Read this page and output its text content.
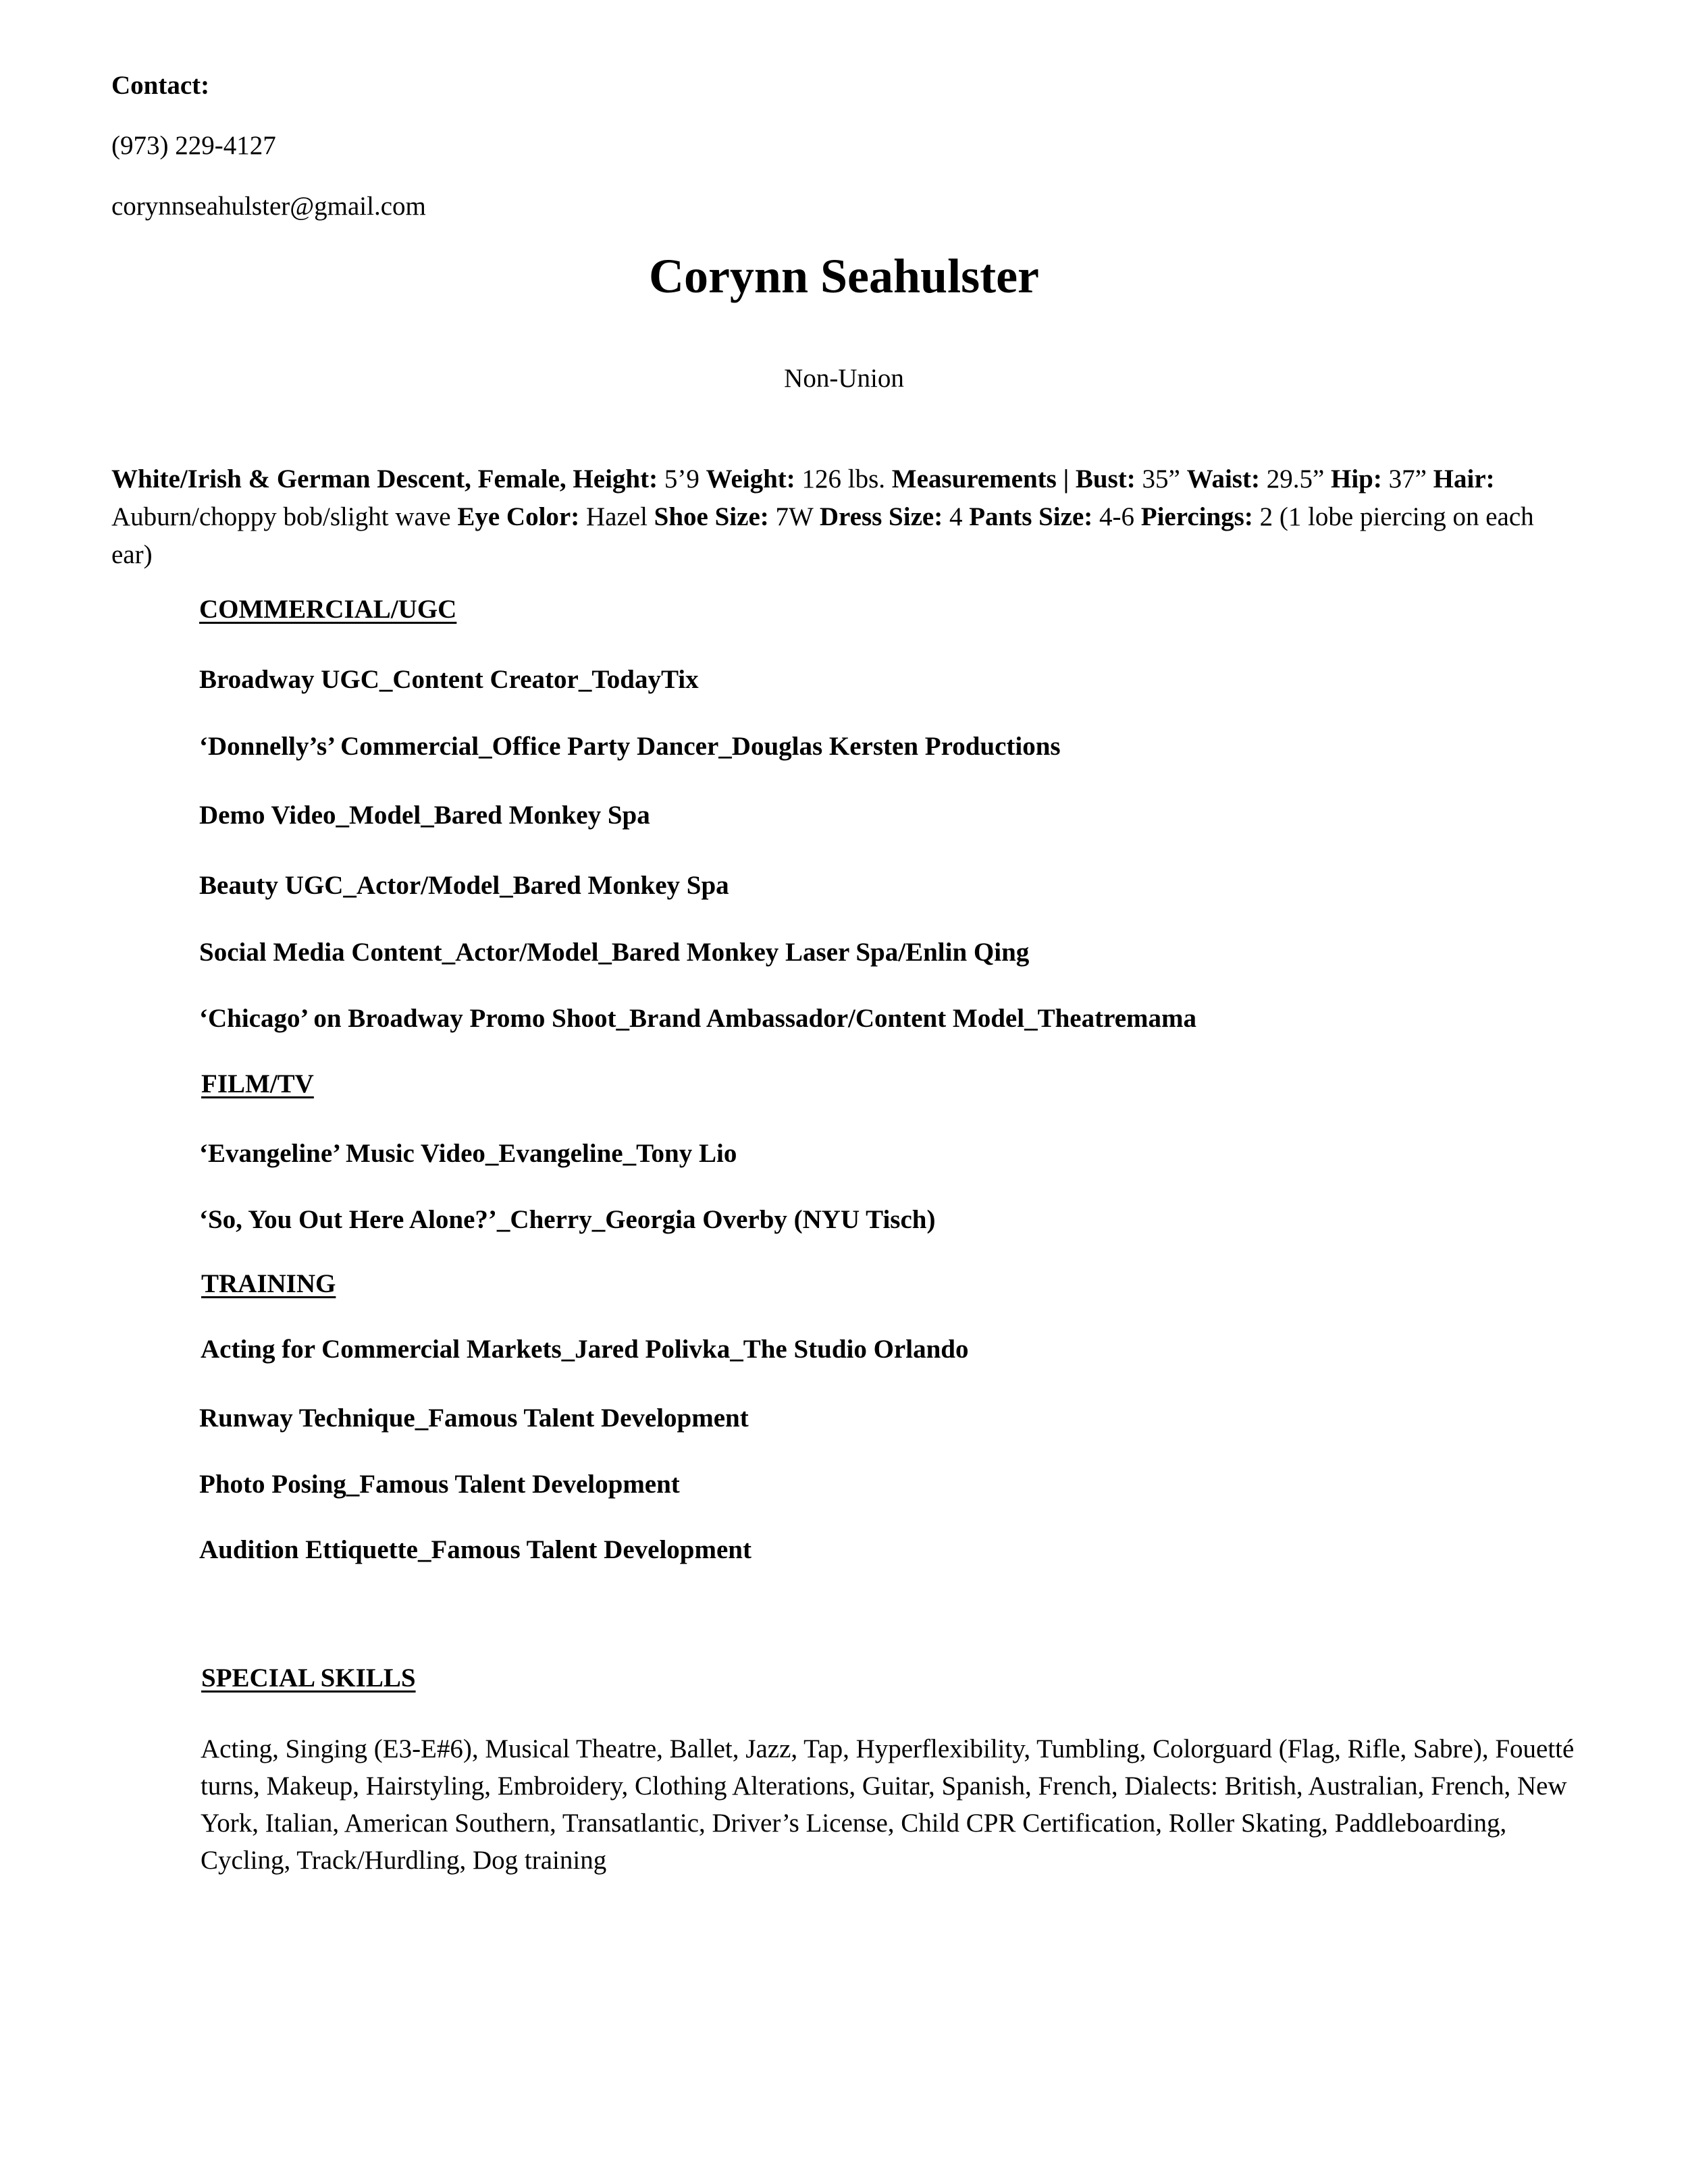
Contact:
(973) 229-4127
corynnseahulster@gmail.com
Corynn Seahulster
Non-Union
White/Irish & German Descent, Female, Height: 5’9 Weight: 126 lbs. Measurements | Bust: 35” Waist: 29.5” Hip: 37” Hair: Auburn/choppy bob/slight wave Eye Color: Hazel Shoe Size: 7W Dress Size: 4 Pants Size: 4-6 Piercings: 2 (1 lobe piercing on each ear)
COMMERCIAL/UGC
Broadway UGC_Content Creator_TodayTix
‘Donnelly’s’ Commercial_Office Party Dancer_Douglas Kersten Productions
Demo Video_Model_Bared Monkey Spa
Beauty UGC_Actor/Model_Bared Monkey Spa
Social Media Content_Actor/Model_Bared Monkey Laser Spa/Enlin Qing
‘Chicago’ on Broadway Promo Shoot_Brand Ambassador/Content Model_Theatremama
FILM/TV
‘Evangeline’ Music Video_Evangeline_Tony Lio
‘So, You Out Here Alone?’_Cherry_Georgia Overby (NYU Tisch)
TRAINING
Acting for Commercial Markets_Jared Polivka_The Studio Orlando
Runway Technique_Famous Talent Development
Photo Posing_Famous Talent Development
Audition Ettiquette_Famous Talent Development
SPECIAL SKILLS
Acting, Singing (E3-E#6), Musical Theatre, Ballet, Jazz, Tap, Hyperflexibility, Tumbling, Colorguard (Flag, Rifle, Sabre), Fouetté turns, Makeup, Hairstyling, Embroidery, Clothing Alterations, Guitar, Spanish, French, Dialects: British, Australian, French, New York, Italian, American Southern, Transatlantic, Driver’s License, Child CPR Certification, Roller Skating, Paddleboarding, Cycling, Track/Hurdling, Dog training
